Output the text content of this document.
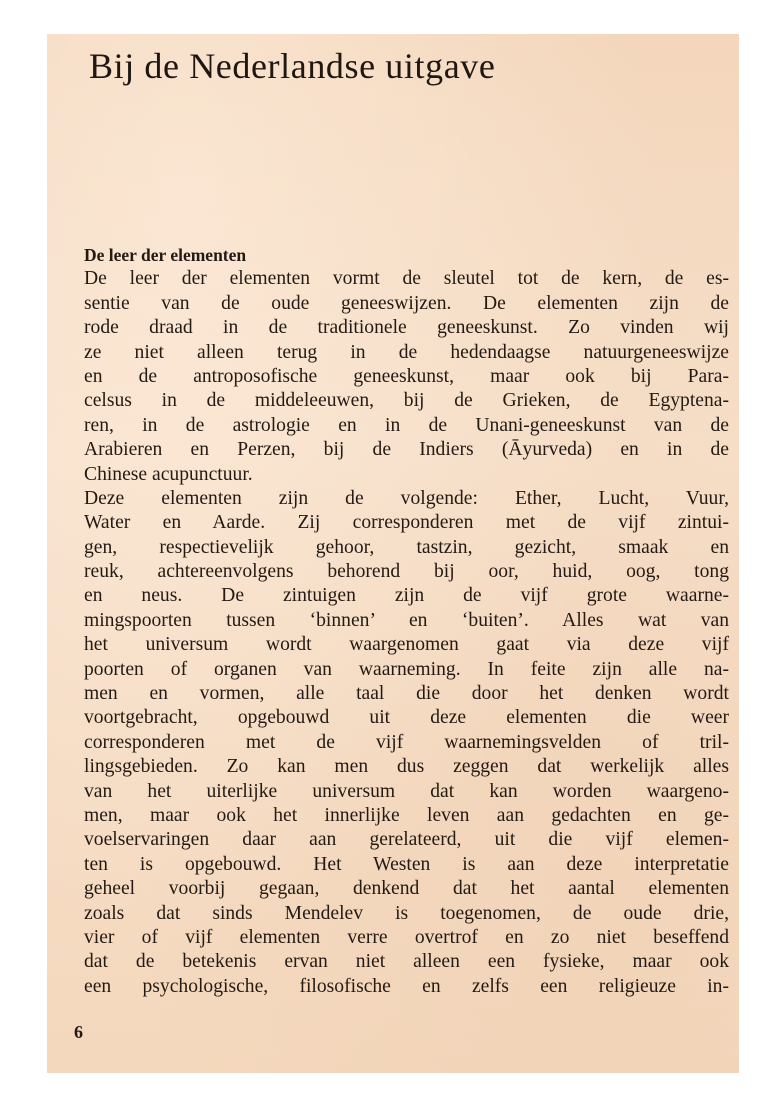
Bij de Nederlandse uitgave
De leer der elementen
De leer der elementen vormt de sleutel tot de kern, de es-
sentie van de oude geneeswijzen. De elementen zijn de
rode draad in de traditionele geneeskunst. Zo vinden wij
ze niet alleen terug in de hedendaagse natuurgeneeswijze
en de antroposofische geneeskunst, maar ook bij Para-
celsus in de middeleeuwen, bij de Grieken, de Egyptena-
ren, in de astrologie en in de Unani-geneeskunst van de
Arabieren en Perzen, bij de Indiers (Āyurveda) en in de
Chinese acupunctuur.
Deze elementen zijn de volgende: Ether, Lucht, Vuur,
Water en Aarde. Zij corresponderen met de vijf zintui-
gen, respectievelijk gehoor, tastzin, gezicht, smaak en
reuk, achtereenvolgens behorend bij oor, huid, oog, tong
en neus. De zintuigen zijn de vijf grote waarne-
mingspoorten tussen ‘binnen’ en ‘buiten’. Alles wat van
het universum wordt waargenomen gaat via deze vijf
poorten of organen van waarneming. In feite zijn alle na-
men en vormen, alle taal die door het denken wordt
voortgebracht, opgebouwd uit deze elementen die weer
corresponderen met de vijf waarnemingsvelden of tril-
lingsgebieden. Zo kan men dus zeggen dat werkelijk alles
van het uiterlijke universum dat kan worden waargeno-
men, maar ook het innerlijke leven aan gedachten en ge-
voelservaringen daar aan gerelateerd, uit die vijf elemen-
ten is opgebouwd. Het Westen is aan deze interpretatie
geheel voorbij gegaan, denkend dat het aantal elementen
zoals dat sinds Mendelev is toegenomen, de oude drie,
vier of vijf elementen verre overtrof en zo niet beseffend
dat de betekenis ervan niet alleen een fysieke, maar ook
een psychologische, filosofische en zelfs een religieuze in-
6
